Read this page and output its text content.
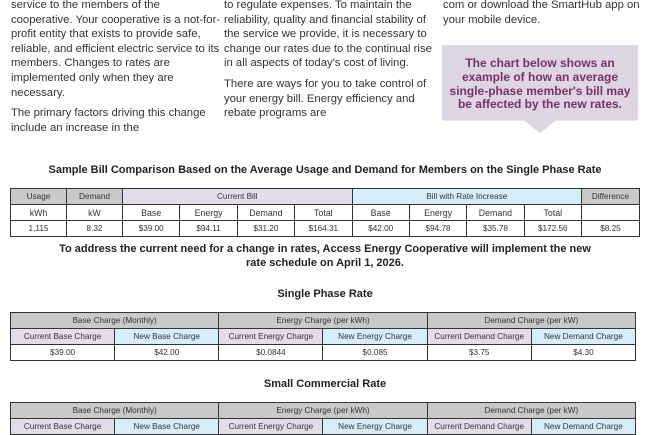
service to the members of the cooperative. Your cooperative is a not-for-profit entity that exists to provide safe, reliable, and efficient electric service to its members. Changes to rates are implemented only when they are necessary.

The primary factors driving this change include an increase in the

to regulate expenses. To maintain the reliability, quality and financial stability of the service we provide, it is necessary to change our rates due to the continual rise in all aspects of today's cost of living.

There are ways for you to take control of your energy bill. Energy efficiency and rebate programs are

com or download the SmartHub app on your mobile device.

The chart below shows an example of how an average single-phase member's bill may be affected by the new rates.
Sample Bill Comparison Based on the Average Usage and Demand for Members on the Single Phase Rate
Usage	Demand	Current Bill				Bill with Rate Increase				Difference
kWh	kW	Base	Energy	Demand	Total	Base	Energy	Demand	Total	
1,115	8.32	$39.00	$94.11	$31.20	$164.31	$42.00	$94.78	$35.78	$172.56	$8.25
To address the current need for a change in rates, Access Energy Cooperative will implement the new rate schedule on April 1, 2026.
Single Phase Rate
Base Charge (Monthly)		Energy Charge (per kWh)		Demand Charge (per kW)	
Current Base Charge	New Base Charge	Current Energy Charge	New Energy Charge	Current Demand Charge	New Demand Charge
$39.00	$42.00	$0.0844	$0.085	$3.75	$4.30
Small Commercial Rate
Base Charge (Monthly)		Energy Charge (per kWh)		Demand Charge (per kW)	
Current Base Charge	New Base Charge	Current Energy Charge	New Energy Charge	Current Demand Charge	New Demand Charge
